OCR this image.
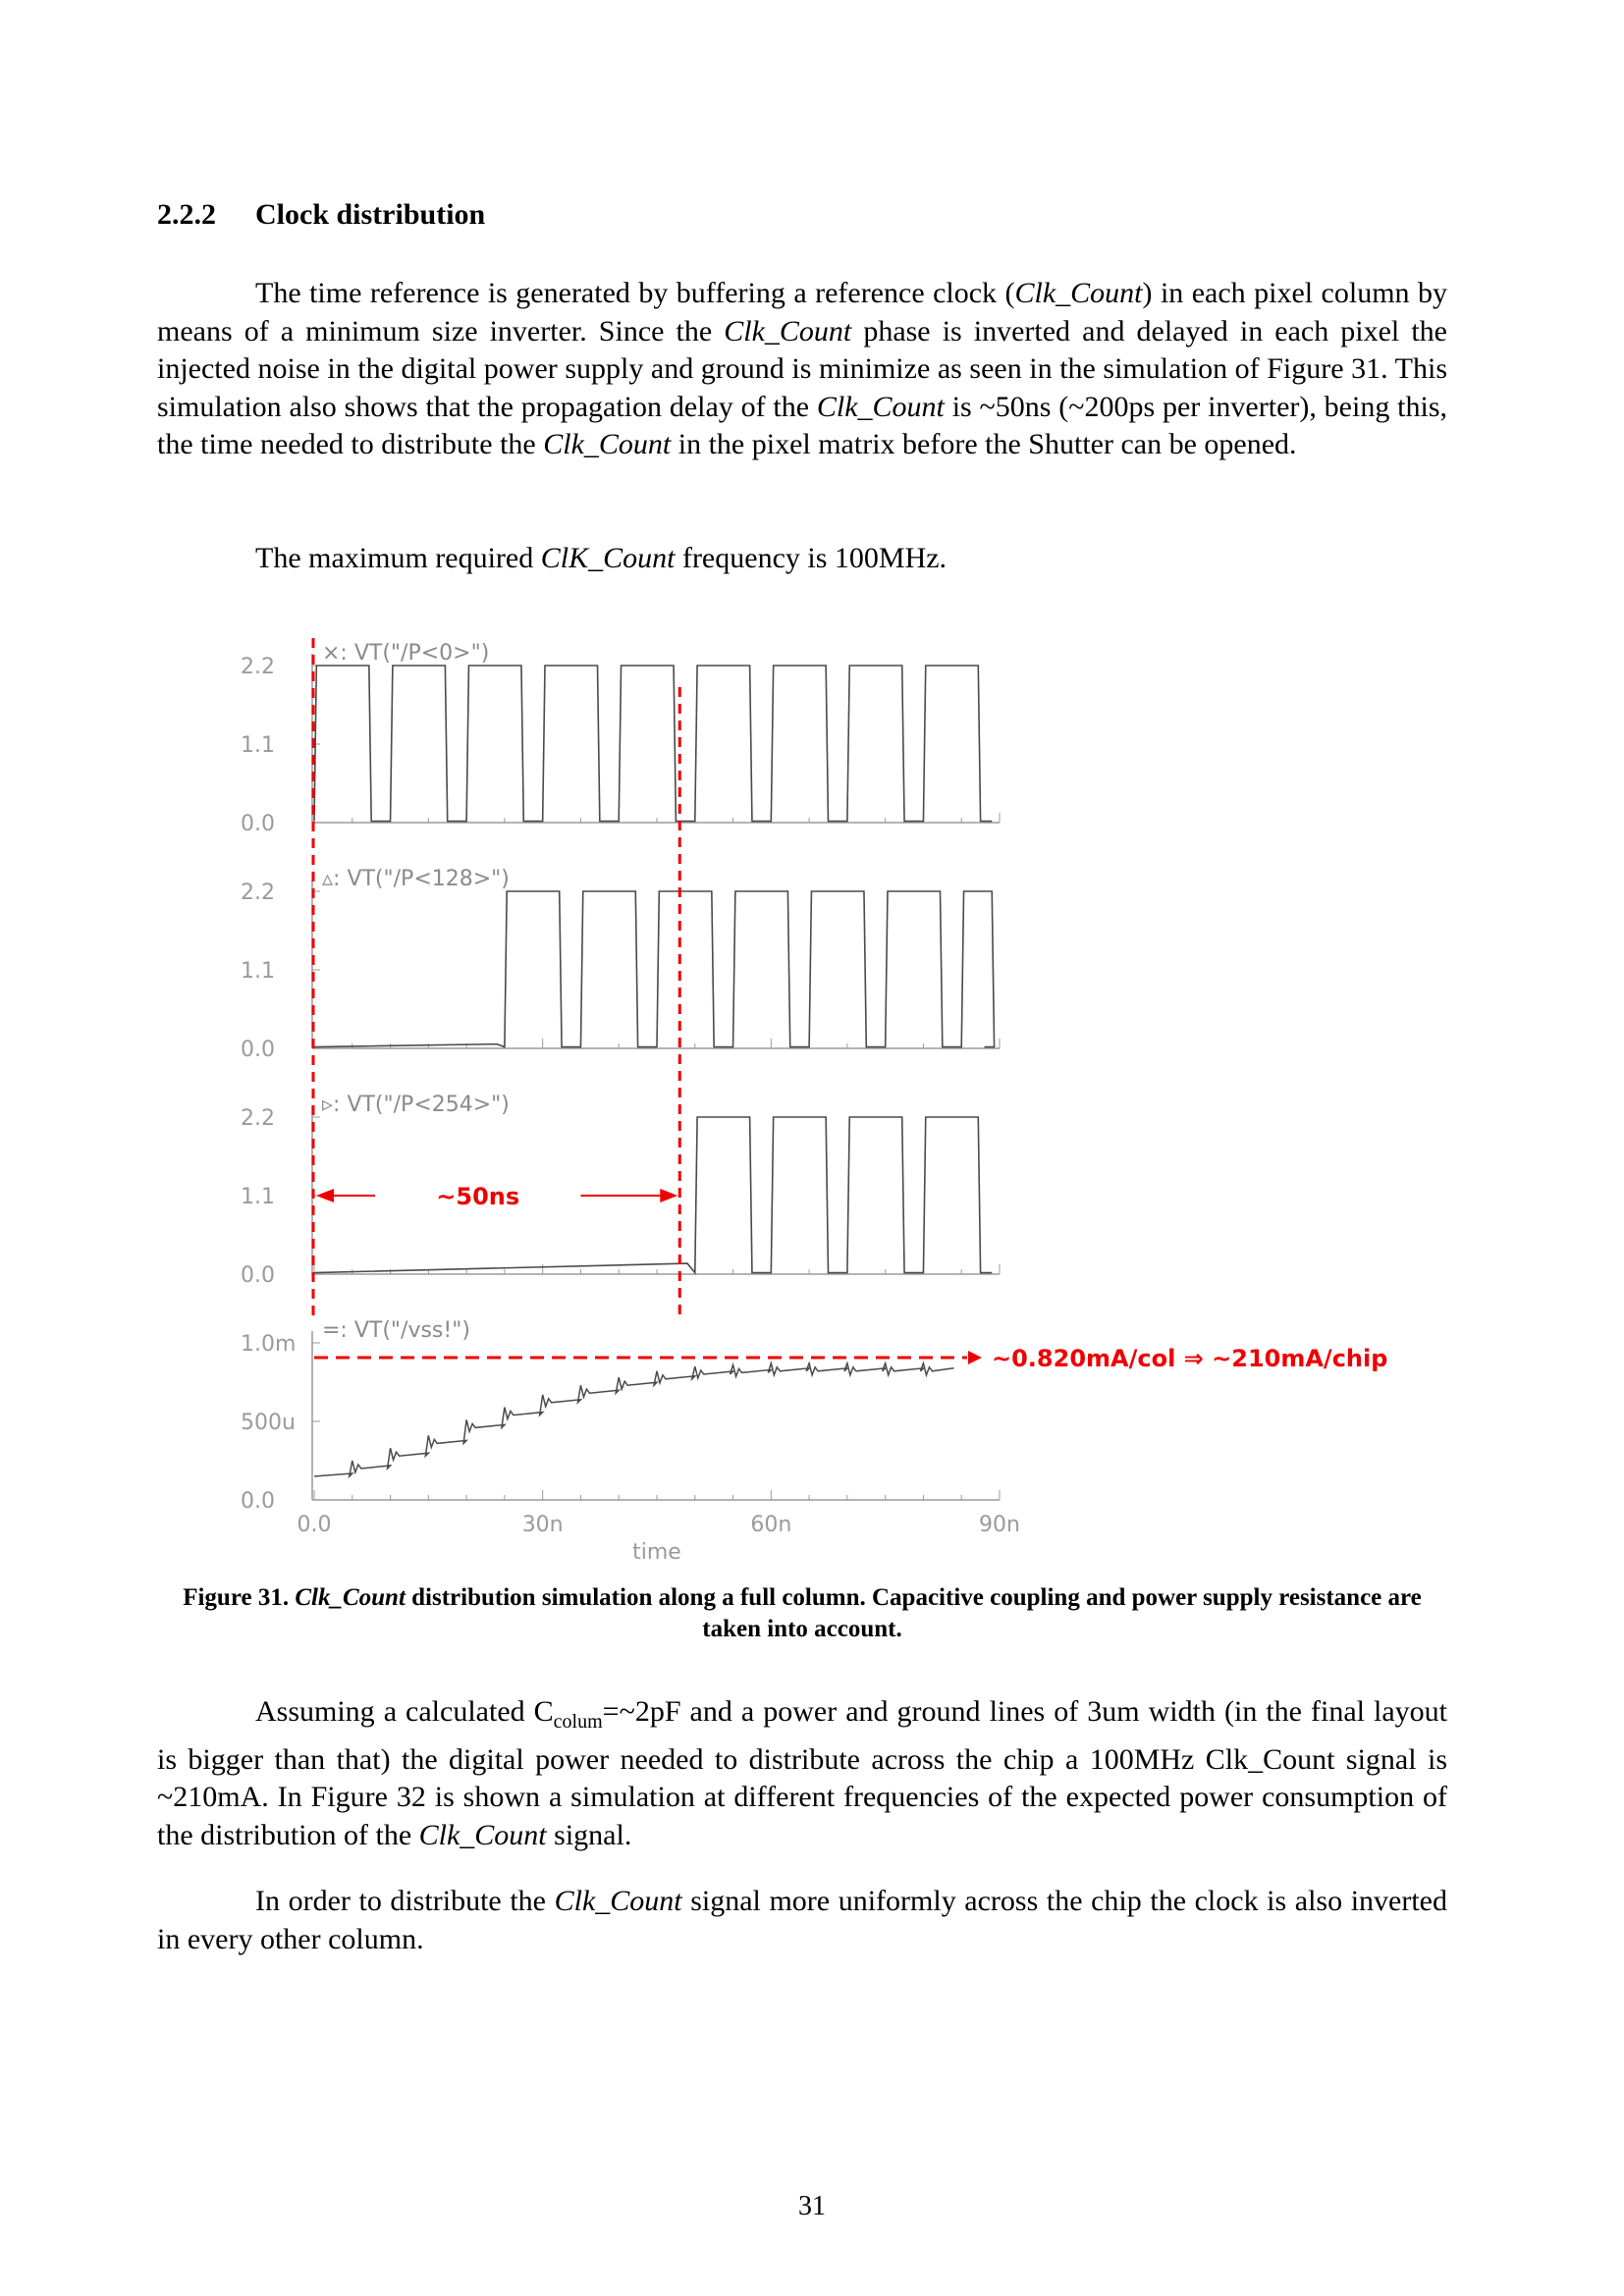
2.2.2 Clock distribution

The time reference is generated by buffering a reference clock (Clk_Count) in each pixel column by means of a minimum size inverter. Since the Clk_Count phase is inverted and delayed in each pixel the injected noise in the digital power supply and ground is minimize as seen in the simulation of Figure 31. This simulation also shows that the propagation delay of the Clk_Count is ~50ns (~200ps per inverter), being this, the time needed to distribute the Clk_Count in the pixel matrix before the Shutter can be opened.

The maximum required ClK_Count frequency is 100MHz.

2.2
1.1
0.0
×: VT("/P<0>")
2.2
1.1
0.0
▵: VT("/P<128>")
2.2
1.1
0.0
▹: VT("/P<254>")
1.0m
500u
0.0
=: VT("/vss!")
0.0	30n	60n	90n
time
~50ns
~0.820mA/col ⇒ ~210mA/chip

Figure 31. Clk_Count distribution simulation along a full column. Capacitive coupling and power supply resistance are taken into account.

Assuming a calculated $C_{colum}=\sim 2pF$ and a power and ground lines of 3um width (in the final layout is bigger than that) the digital power needed to distribute across the chip a 100MHz Clk_Count signal is ~210mA. In Figure 32 is shown a simulation at different frequencies of the expected power consumption of the distribution of the Clk_Count signal.

In order to distribute the Clk_Count signal more uniformly across the chip the clock is also inverted in every other column.

31
